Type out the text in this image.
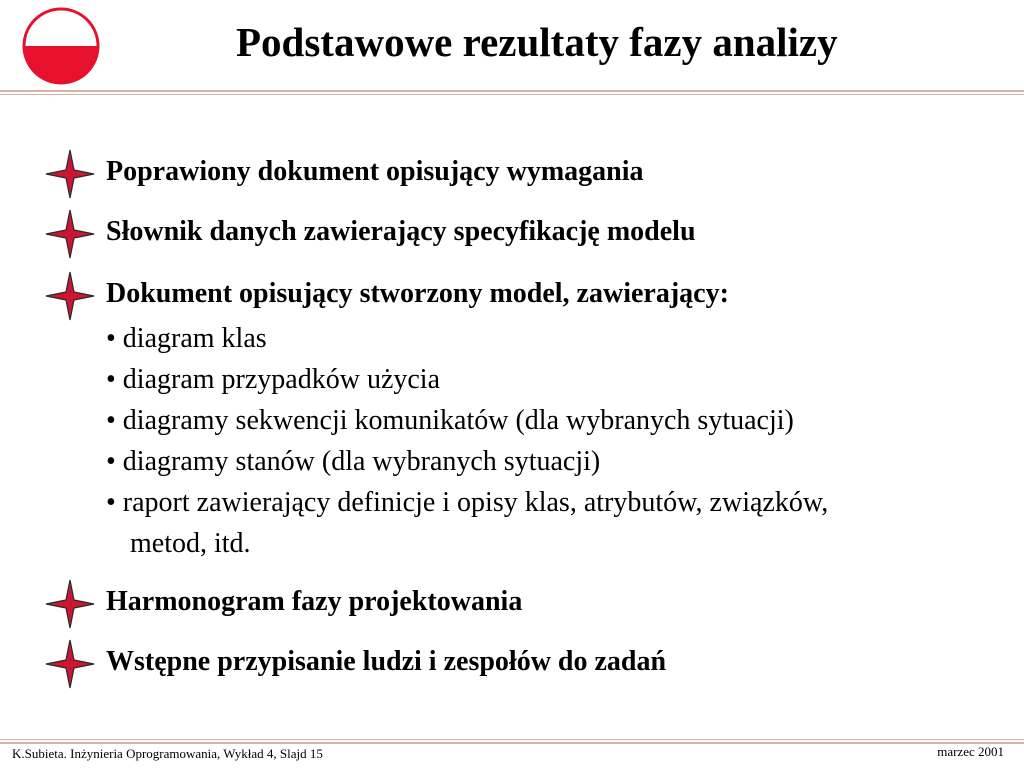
Podstawowe rezultaty fazy analizy
Poprawiony dokument opisujący wymagania
Słownik danych zawierający specyfikację modelu
Dokument opisujący stworzony model, zawierający:
• diagram klas
• diagram przypadków użycia
• diagramy sekwencji komunikatów (dla wybranych sytuacji)
• diagramy stanów (dla wybranych sytuacji)
• raport zawierający definicje i opisy klas, atrybutów, związków,
metod, itd.
Harmonogram fazy projektowania
Wstępne przypisanie ludzi i zespołów do zadań
K.Subieta. Inżynieria Oprogramowania, Wykład 4, Slajd 15	marzec 2001
